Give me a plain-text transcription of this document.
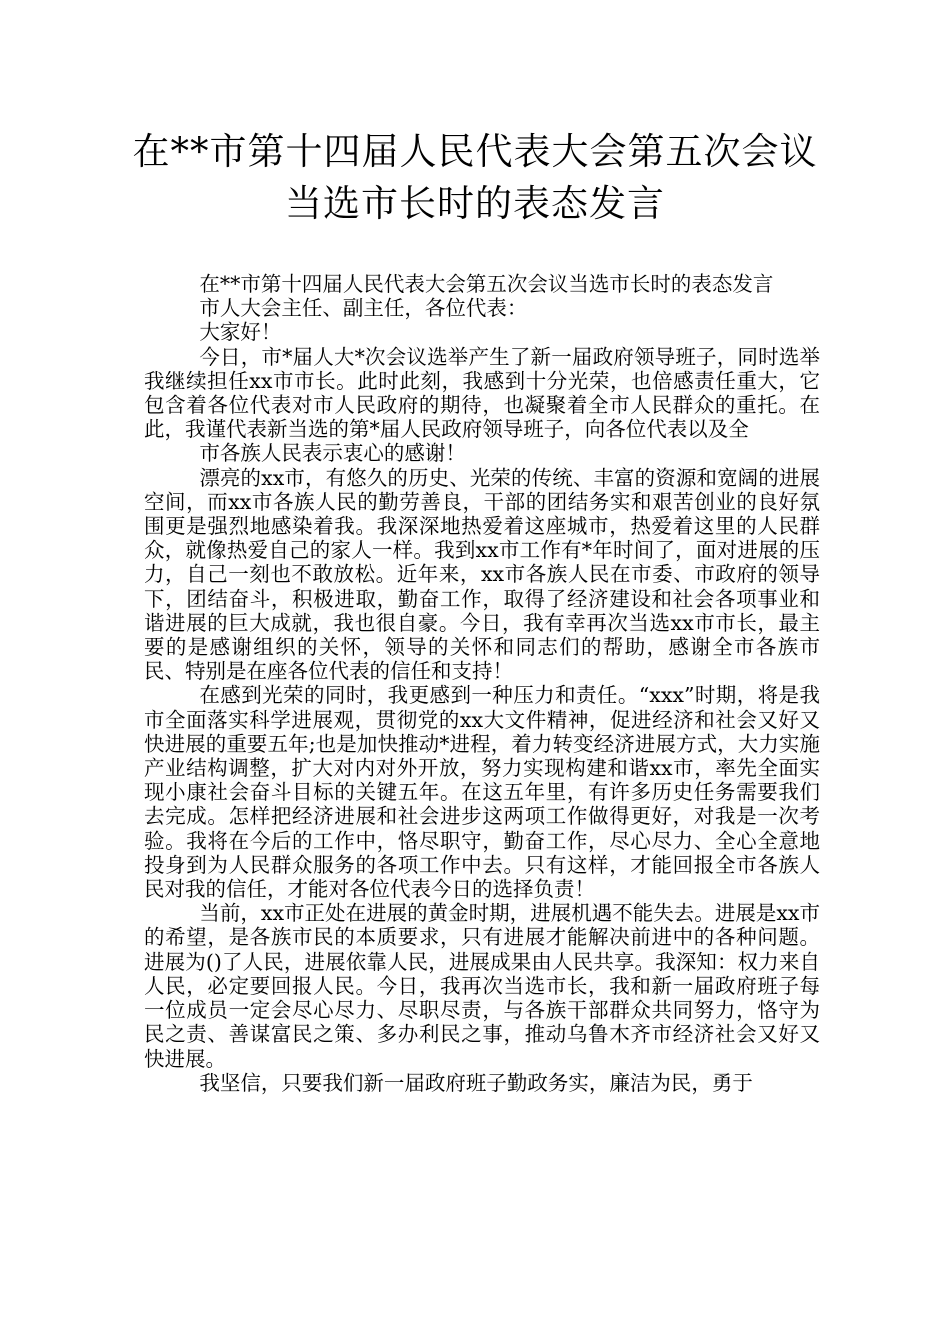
在**市第十四届人民代表大会第五次会议
当选市长时的表态发言

在**市第十四届人民代表大会第五次会议当选市长时的表态发言

市人大会主任、副主任，各位代表：

大家好！

今日，市*届人大*次会议选举产生了新一届政府领导班子，同时选举我继续担任xx市市长。此时此刻，我感到十分光荣，也倍感责任重大，它包含着各位代表对市人民政府的期待，也凝聚着全市人民群众的重托。在此，我谨代表新当选的第*届人民政府领导班子，向各位代表以及全

市各族人民表示衷心的感谢！

漂亮的xx市，有悠久的历史、光荣的传统、丰富的资源和宽阔的进展空间，而xx市各族人民的勤劳善良，干部的团结务实和艰苦创业的良好氛围更是强烈地感染着我。我深深地热爱着这座城市，热爱着这里的人民群众，就像热爱自己的家人一样。我到xx市工作有*年时间了，面对进展的压力，自己一刻也不敢放松。近年来，xx市各族人民在市委、市政府的领导下，团结奋斗，积极进取，勤奋工作，取得了经济建设和社会各项事业和谐进展的巨大成就，我也很自豪。今日，我有幸再次当选xx市市长，最主要的是感谢组织的关怀，领导的关怀和同志们的帮助，感谢全市各族市民、特别是在座各位代表的信任和支持！

在感到光荣的同时，我更感到一种压力和责任。“xxx”时期，将是我市全面落实科学进展观，贯彻党的xx大文件精神，促进经济和社会又好又快进展的重要五年;也是加快推动*进程，着力转变经济进展方式，大力实施产业结构调整，扩大对内对外开放，努力实现构建和谐xx市，率先全面实现小康社会奋斗目标的关键五年。在这五年里，有许多历史任务需要我们去完成。怎样把经济进展和社会进步这两项工作做得更好，对我是一次考验。我将在今后的工作中，恪尽职守，勤奋工作，尽心尽力、全心全意地投身到为人民群众服务的各项工作中去。只有这样，才能回报全市各族人民对我的信任，才能对各位代表今日的选择负责！

当前，xx市正处在进展的黄金时期，进展机遇不能失去。进展是xx市的希望，是各族市民的本质要求，只有进展才能解决前进中的各种问题。进展为()了人民，进展依靠人民，进展成果由人民共享。我深知：权力来自人民，必定要回报人民。今日，我再次当选市长，我和新一届政府班子每一位成员一定会尽心尽力、尽职尽责，与各族干部群众共同努力，恪守为民之责、善谋富民之策、多办利民之事，推动乌鲁木齐市经济社会又好又快进展。

我坚信，只要我们新一届政府班子勤政务实，廉洁为民，勇于
